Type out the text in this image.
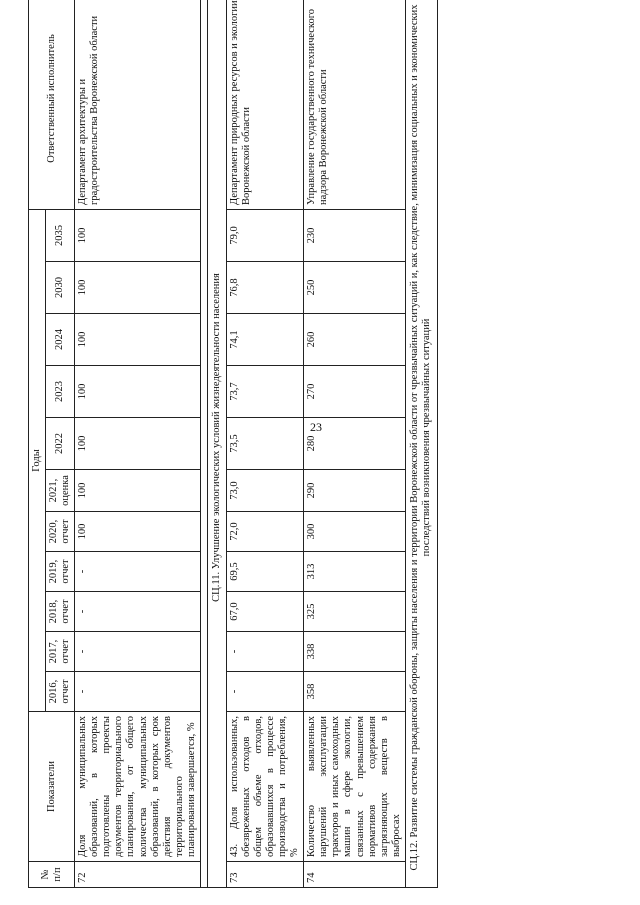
23
№ п/п	Показатели	Годы											Ответственный исполнитель
		2016, отчет	2017, отчет	2018, отчет	2019, отчет	2020, отчет	2021, оценка	2022	2023	2024	2030	2035	
72	Доля муниципальных образований, в которых подготовлены проекты документов территориального планирования, от общего количества муниципальных образований, в которых срок действия документов территориального планирования завершается, %	-	-	-	-	100	100	100	100	100	100	100	Департамент архитектуры и градостроительства Воронежской области

СЦ.11. Улучшение экологических условий жизнедеятельности населения													
73	43. Доля использованных, обезвреженных отходов в общем объеме отходов, образовавшихся в процессе производства и потребления, %	-	-	67,0	69,5	72,0	73,0	73,5	73,7	74,1	76,8	79,0	Департамент природных ресурсов и экологии Воронежской области
74	Количество выявленных нарушений эксплуатации тракторов и иных самоходных машин в сфере экологии, связанных с превышением нормативов содержания загрязняющих веществ в выбросах	358	338	325	313	300	290	280	270	260	250	230	Управление государственного технического надзора Воронежской области
СЦ.12. Развитие системы гражданской обороны, защиты населения и территории Воронежской области от чрезвычайных ситуаций и, как следствие, минимизация социальных и экономических последствий возникновения чрезвычайных ситуаций													
